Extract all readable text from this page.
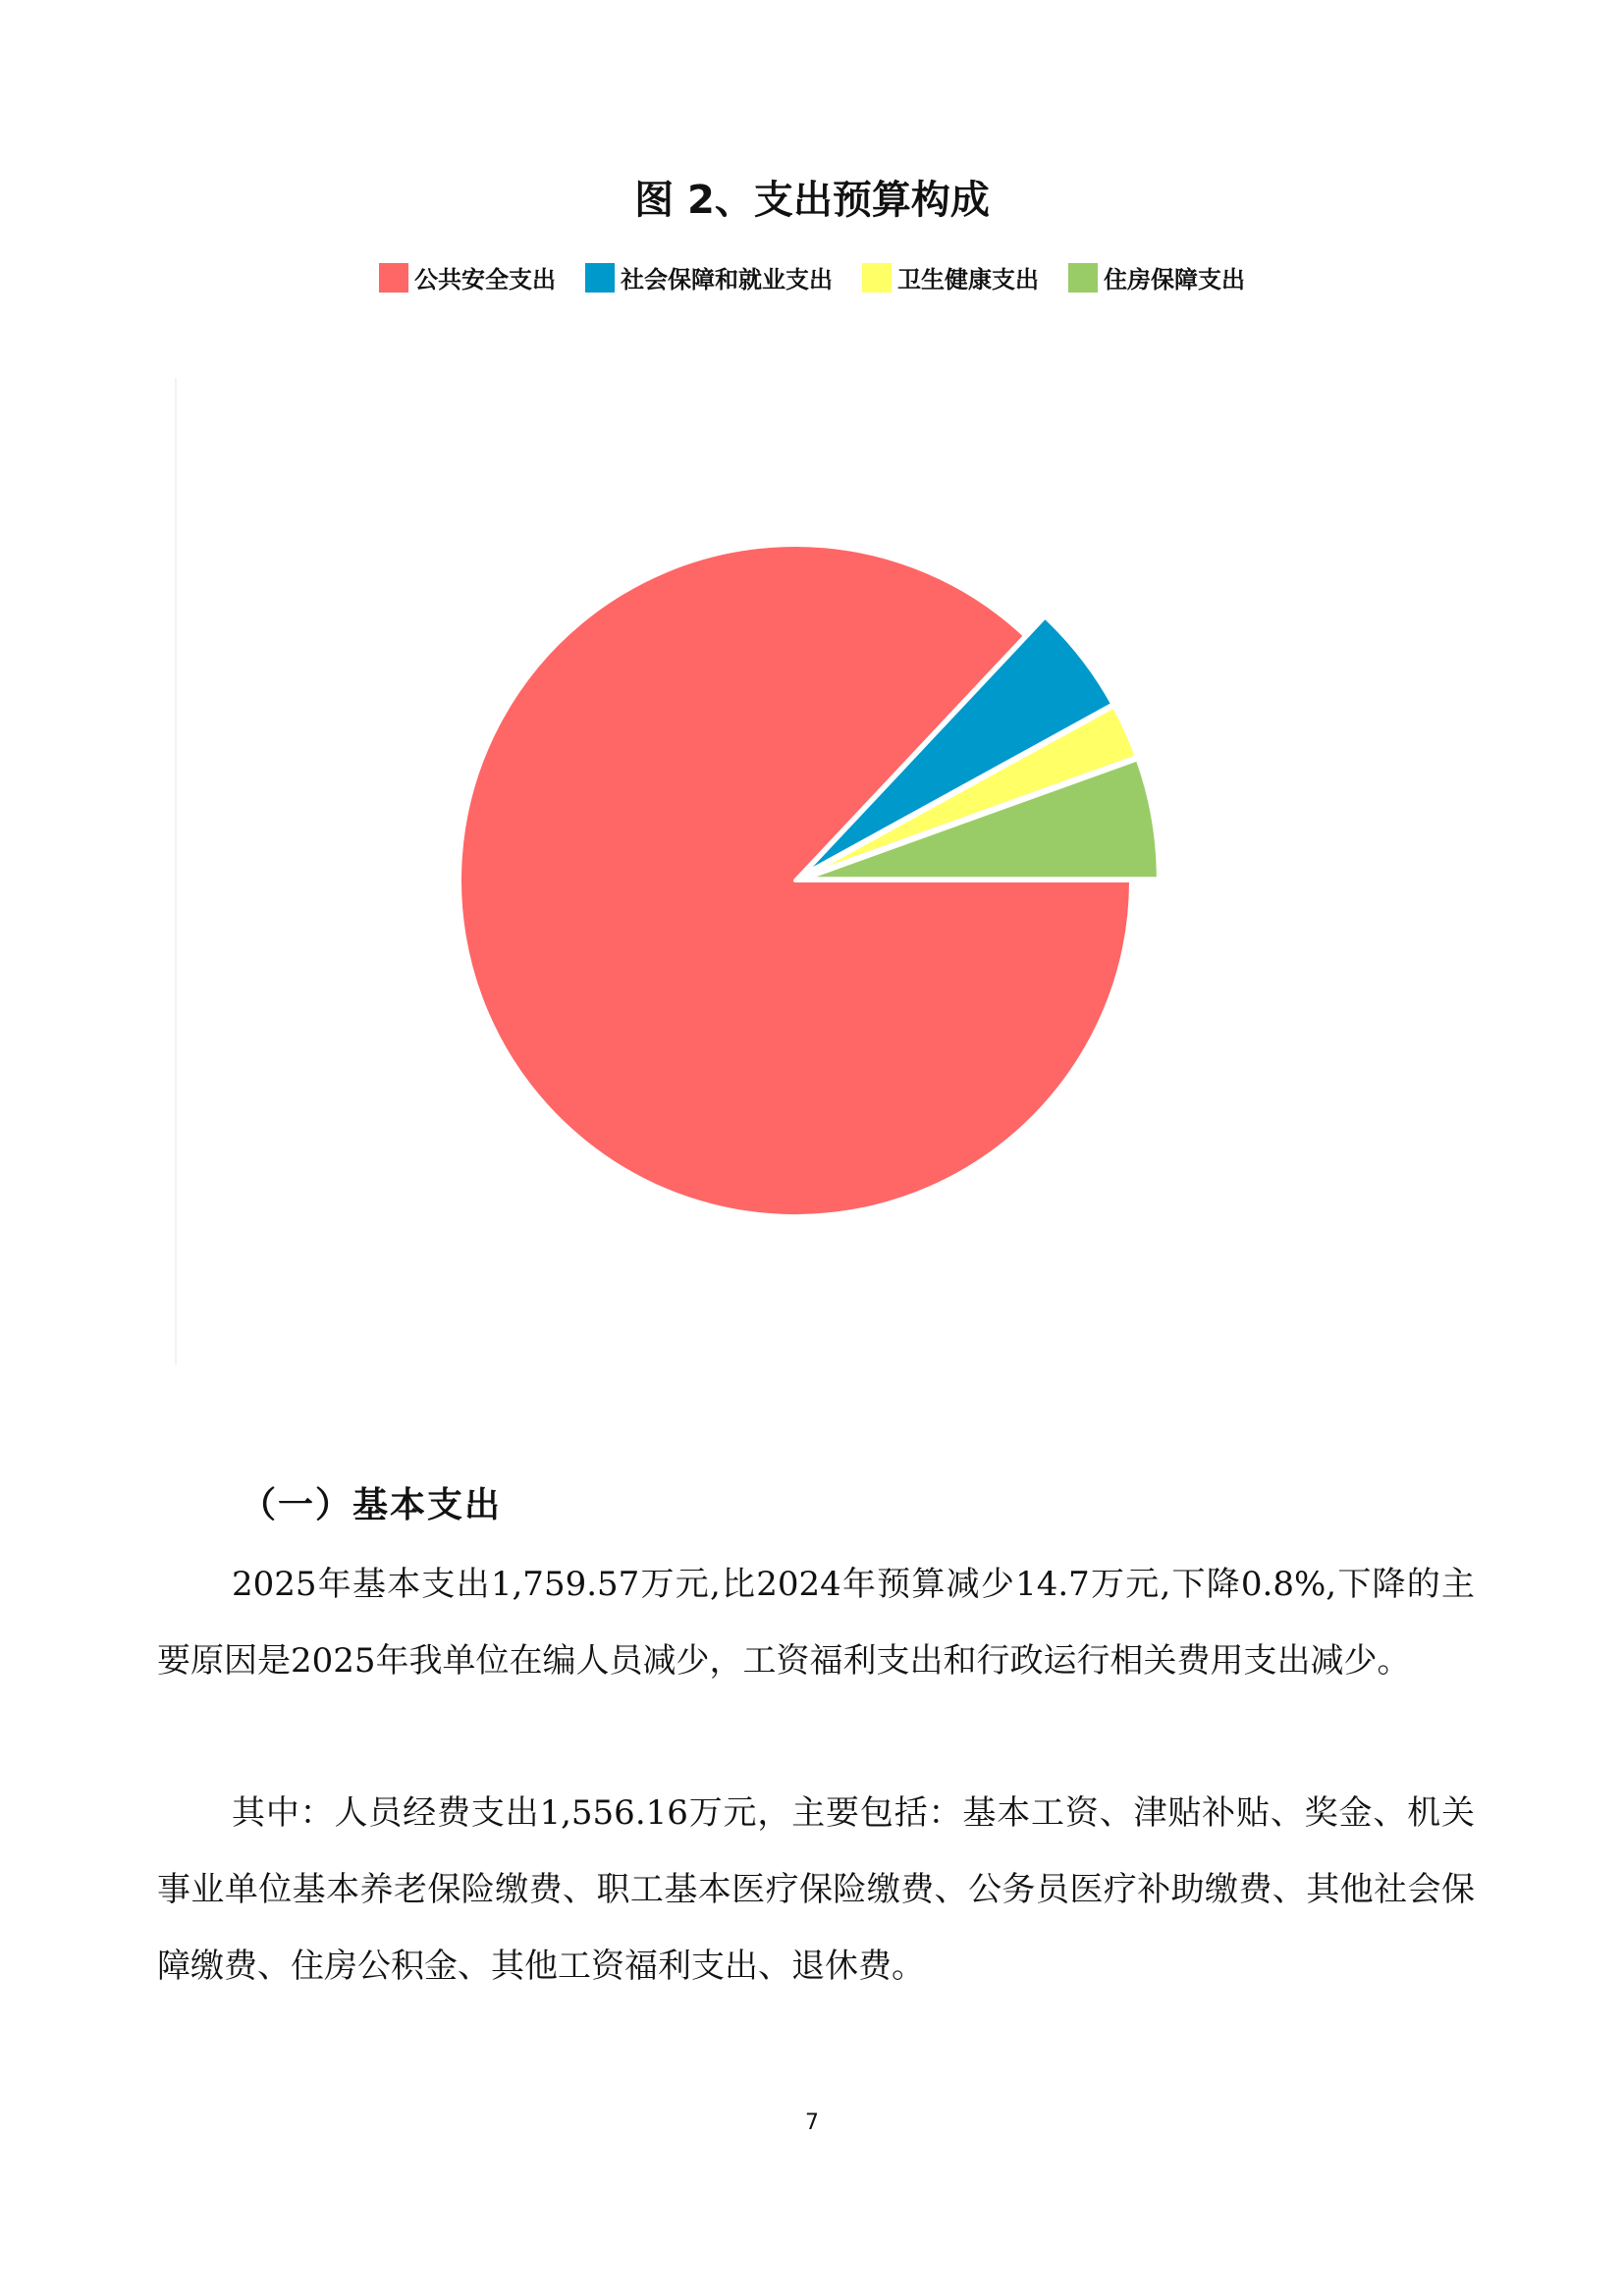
图 2、支出预算构成
公共安全支出	社会保障和就业支出	卫生健康支出	住房保障支出
（一）基本支出
2025年基本支出1,759.57万元,比2024年预算减少14.7万元,下降0.8%,下降的主要原因是2025年我单位在编人员减少，工资福利支出和行政运行相关费用支出减少。
其中：人员经费支出1,556.16万元，主要包括：基本工资、津贴补贴、奖金、机关事业单位基本养老保险缴费、职工基本医疗保险缴费、公务员医疗补助缴费、其他社会保障缴费、住房公积金、其他工资福利支出、退休费。
7
